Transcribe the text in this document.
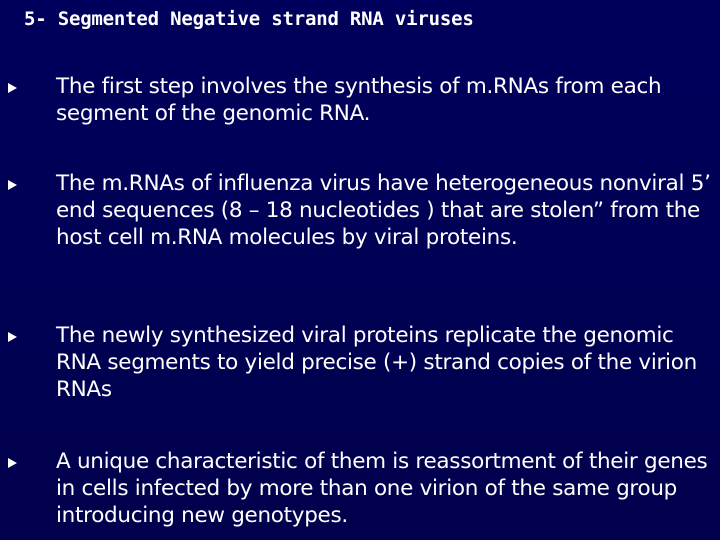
5- Segmented Negative strand RNA viruses
The first step involves the synthesis of m.RNAs from each segment of the genomic RNA.
The m.RNAs of influenza virus have heterogeneous nonviral 5’ end sequences (8 – 18 nucleotides ) that are stolen” from the host cell m.RNA molecules by viral proteins.
The newly synthesized viral proteins replicate the genomic RNA segments to yield precise (+) strand copies of the virion RNAs
A unique characteristic of them is reassortment of their genes in cells infected by more than one virion of the same group introducing new genotypes.
